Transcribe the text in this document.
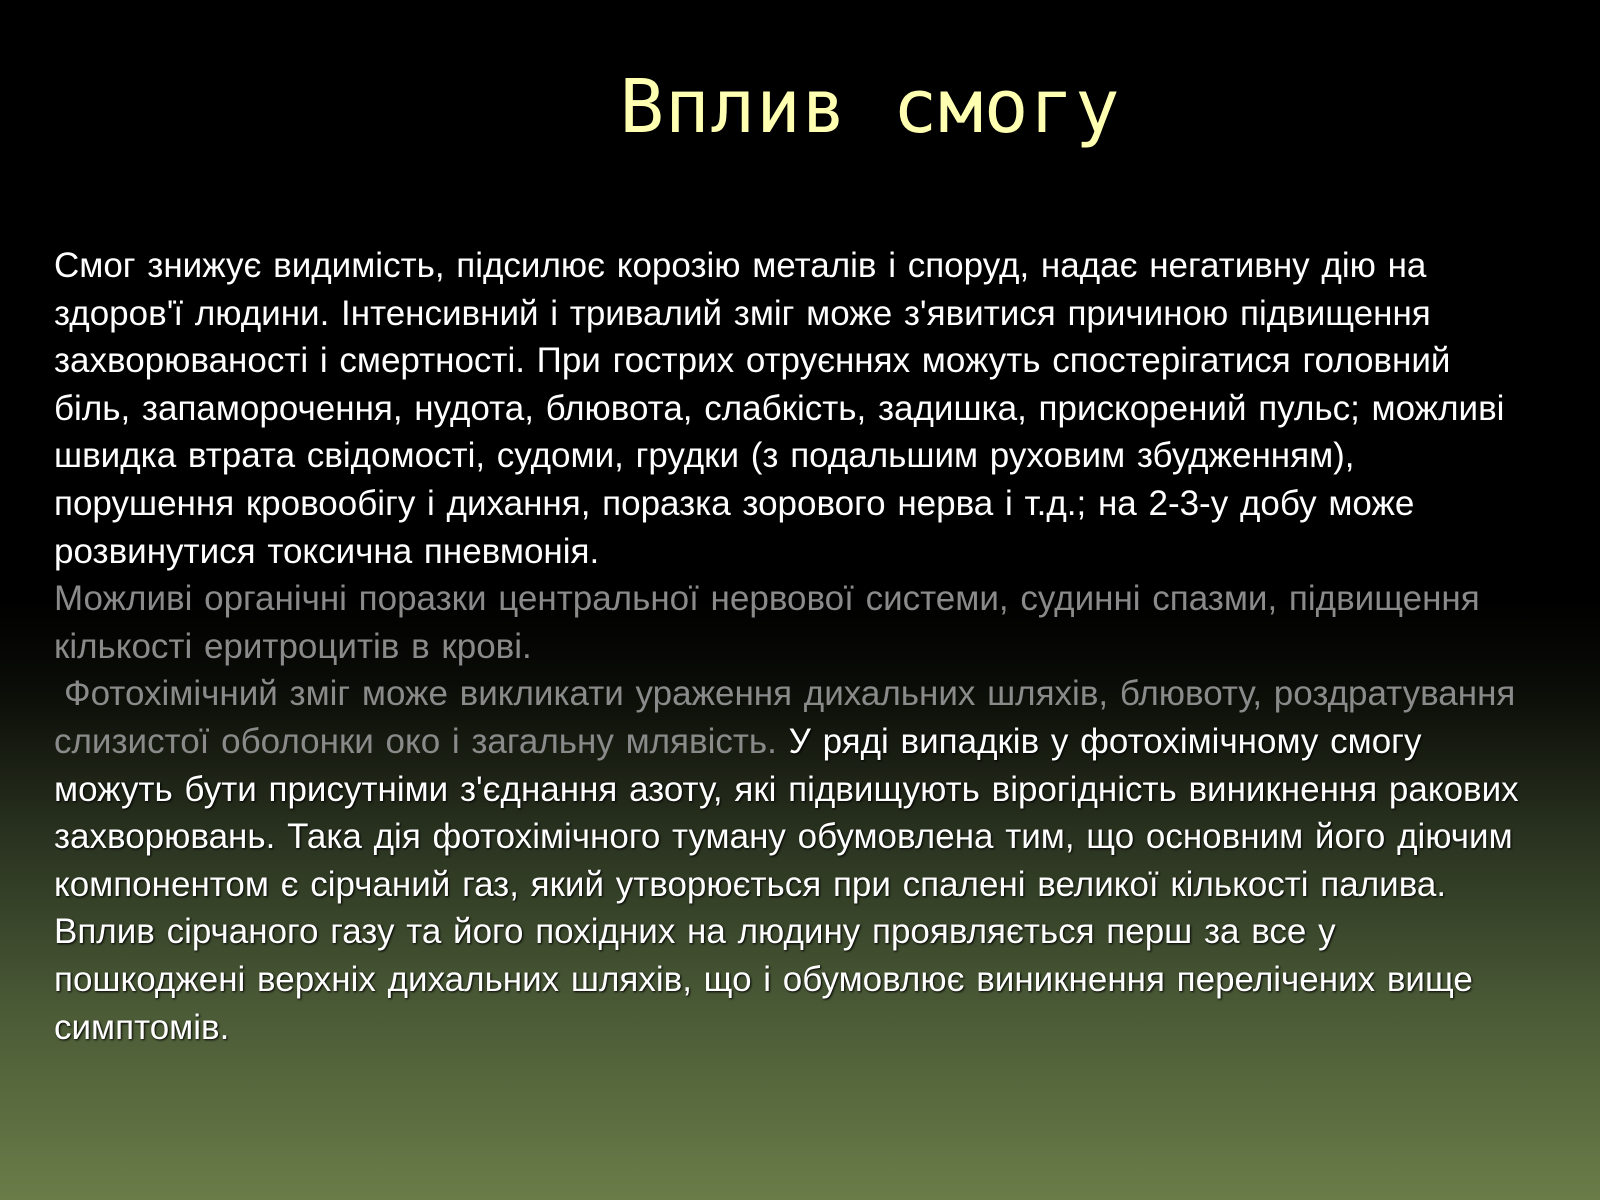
Вплив смогу

Смог знижує видимість, підсилює корозію металів і споруд, надає негативну дію на здоров'ї людини. Інтенсивний і тривалий зміг може з'явитися причиною підвищення захворюваності і смертності. При гострих отруєннях можуть спостерігатися головний біль, запаморочення, нудота, блювота, слабкість, задишка, прискорений пульс; можливі швидка втрата свідомості, судоми, грудки (з подальшим руховим збудженням), порушення кровообігу і дихання, поразка зорового нерва і т.д.; на 2-3-у добу може розвинутися токсична пневмонія.

Можливі органічні поразки центральної нервової системи, судинні спазми, підвищення кількості еритроцитів в крові.

Фотохімічний зміг може викликати ураження дихальних шляхів, блювоту, роздратування слизистої оболонки око і загальну млявість. У ряді випадків у фотохімічному смогу можуть бути присутніми з'єднання азоту, які підвищують вірогідність виникнення ракових захворювань. Така дія фотохімічного туману обумовлена тим, що основним його діючим компонентом є сірчаний газ, який утворюється при спалені великої кількості палива. Вплив сірчаного газу та його похідних на людину проявляється перш за все у пошкоджені верхніх дихальних шляхів, що і обумовлює виникнення перелічених вище симптомів.
